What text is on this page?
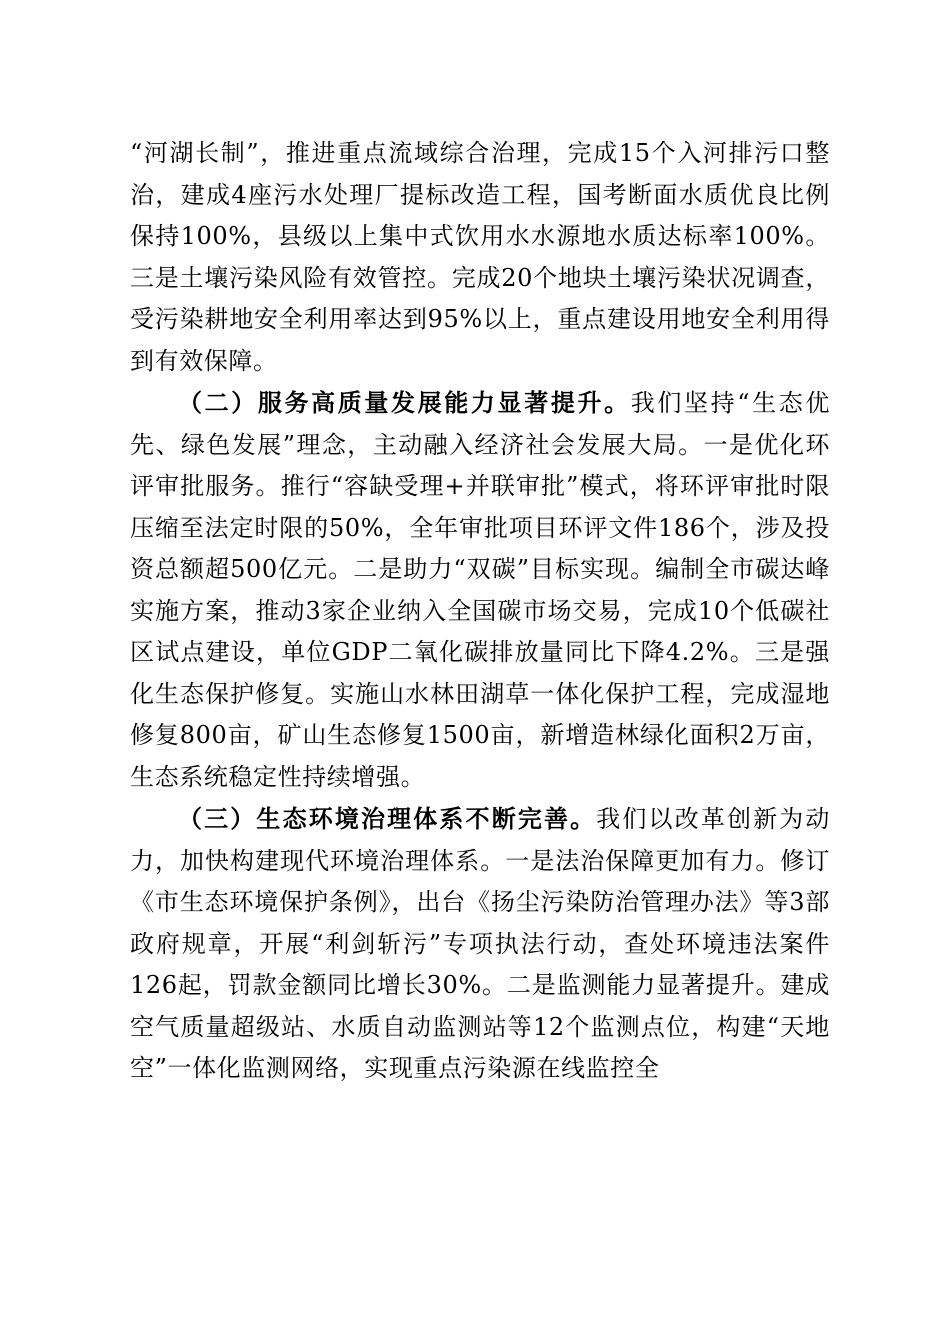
“河湖长制”，推进重点流域综合治理，完成15个入河排污口整治，建成4座污水处理厂提标改造工程，国考断面水质优良比例保持100%，县级以上集中式饮用水水源地水质达标率100%。三是土壤污染风险有效管控。完成20个地块土壤污染状况调查，受污染耕地安全利用率达到95%以上，重点建设用地安全利用得到有效保障。

（二）服务高质量发展能力显著提升。我们坚持“生态优先、绿色发展”理念，主动融入经济社会发展大局。一是优化环评审批服务。推行“容缺受理+并联审批”模式，将环评审批时限压缩至法定时限的50%，全年审批项目环评文件186个，涉及投资总额超500亿元。二是助力“双碳”目标实现。编制全市碳达峰实施方案，推动3家企业纳入全国碳市场交易，完成10个低碳社区试点建设，单位GDP二氧化碳排放量同比下降4.2%。三是强化生态保护修复。实施山水林田湖草一体化保护工程，完成湿地修复800亩，矿山生态修复1500亩，新增造林绿化面积2万亩，生态系统稳定性持续增强。

（三）生态环境治理体系不断完善。我们以改革创新为动力，加快构建现代环境治理体系。一是法治保障更加有力。修订《市生态环境保护条例》，出台《扬尘污染防治管理办法》等3部政府规章，开展“利剑斩污”专项执法行动，查处环境违法案件126起，罚款金额同比增长30%。二是监测能力显著提升。建成空气质量超级站、水质自动监测站等12个监测点位，构建“天地空”一体化监测网络，实现重点污染源在线监控全
